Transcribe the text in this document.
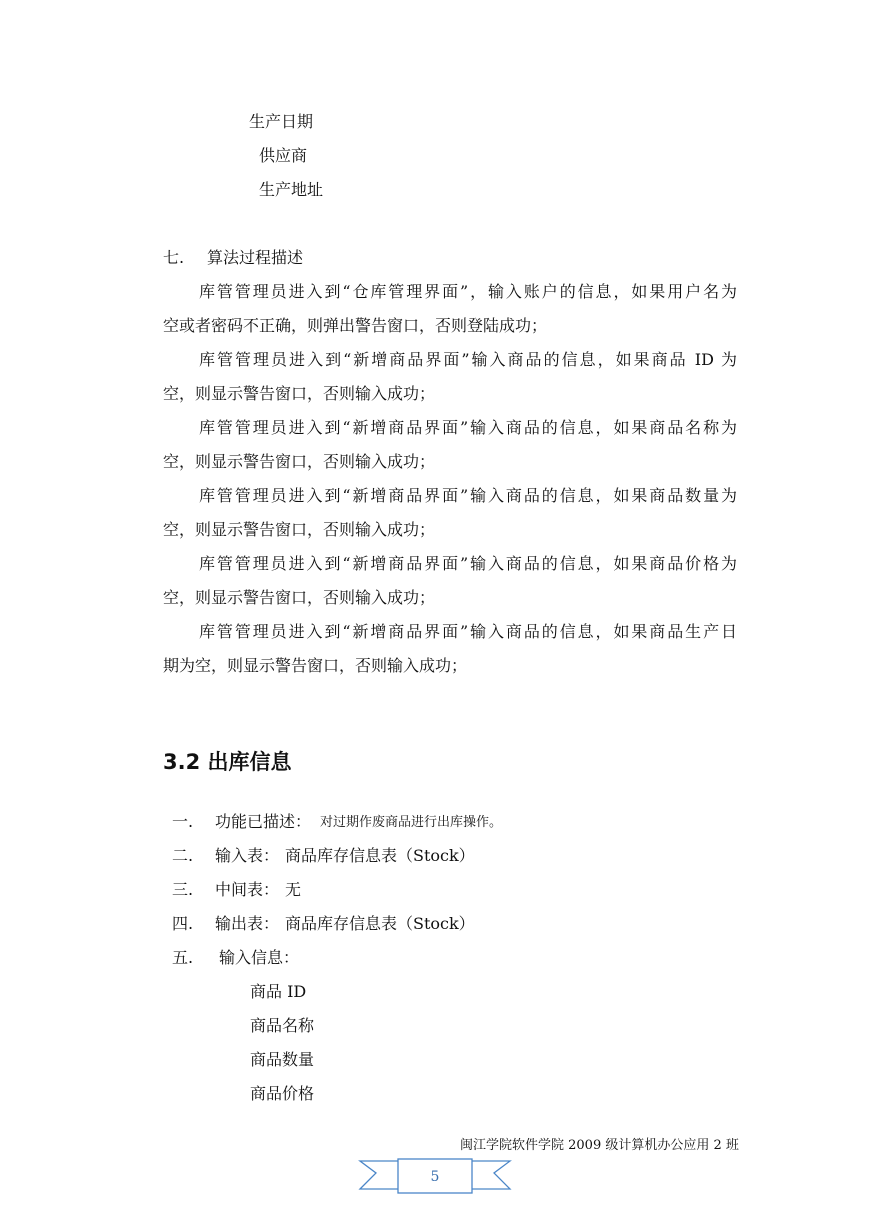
生产日期
供应商
生产地址
七. 算法过程描述
库管管理员进入到“仓库管理界面”，输入账户的信息，如果用户名为
空或者密码不正确，则弹出警告窗口，否则登陆成功；
库管管理员进入到“新增商品界面”输入商品的信息，如果商品 ID 为
空，则显示警告窗口，否则输入成功；
库管管理员进入到“新增商品界面”输入商品的信息，如果商品名称为
空，则显示警告窗口，否则输入成功；
库管管理员进入到“新增商品界面”输入商品的信息，如果商品数量为
空，则显示警告窗口，否则输入成功；
库管管理员进入到“新增商品界面”输入商品的信息，如果商品价格为
空，则显示警告窗口，否则输入成功；
库管管理员进入到“新增商品界面”输入商品的信息，如果商品生产日
期为空，则显示警告窗口，否则输入成功；
3.2 出库信息
一. 功能已描述： 对过期作废商品进行出库操作。
二. 输入表： 商品库存信息表（Stock）
三. 中间表： 无
四. 输出表： 商品库存信息表（Stock）
五. 输入信息：
商品 ID
商品名称
商品数量
商品价格
闽江学院软件学院 2009 级计算机办公应用 2 班
5
